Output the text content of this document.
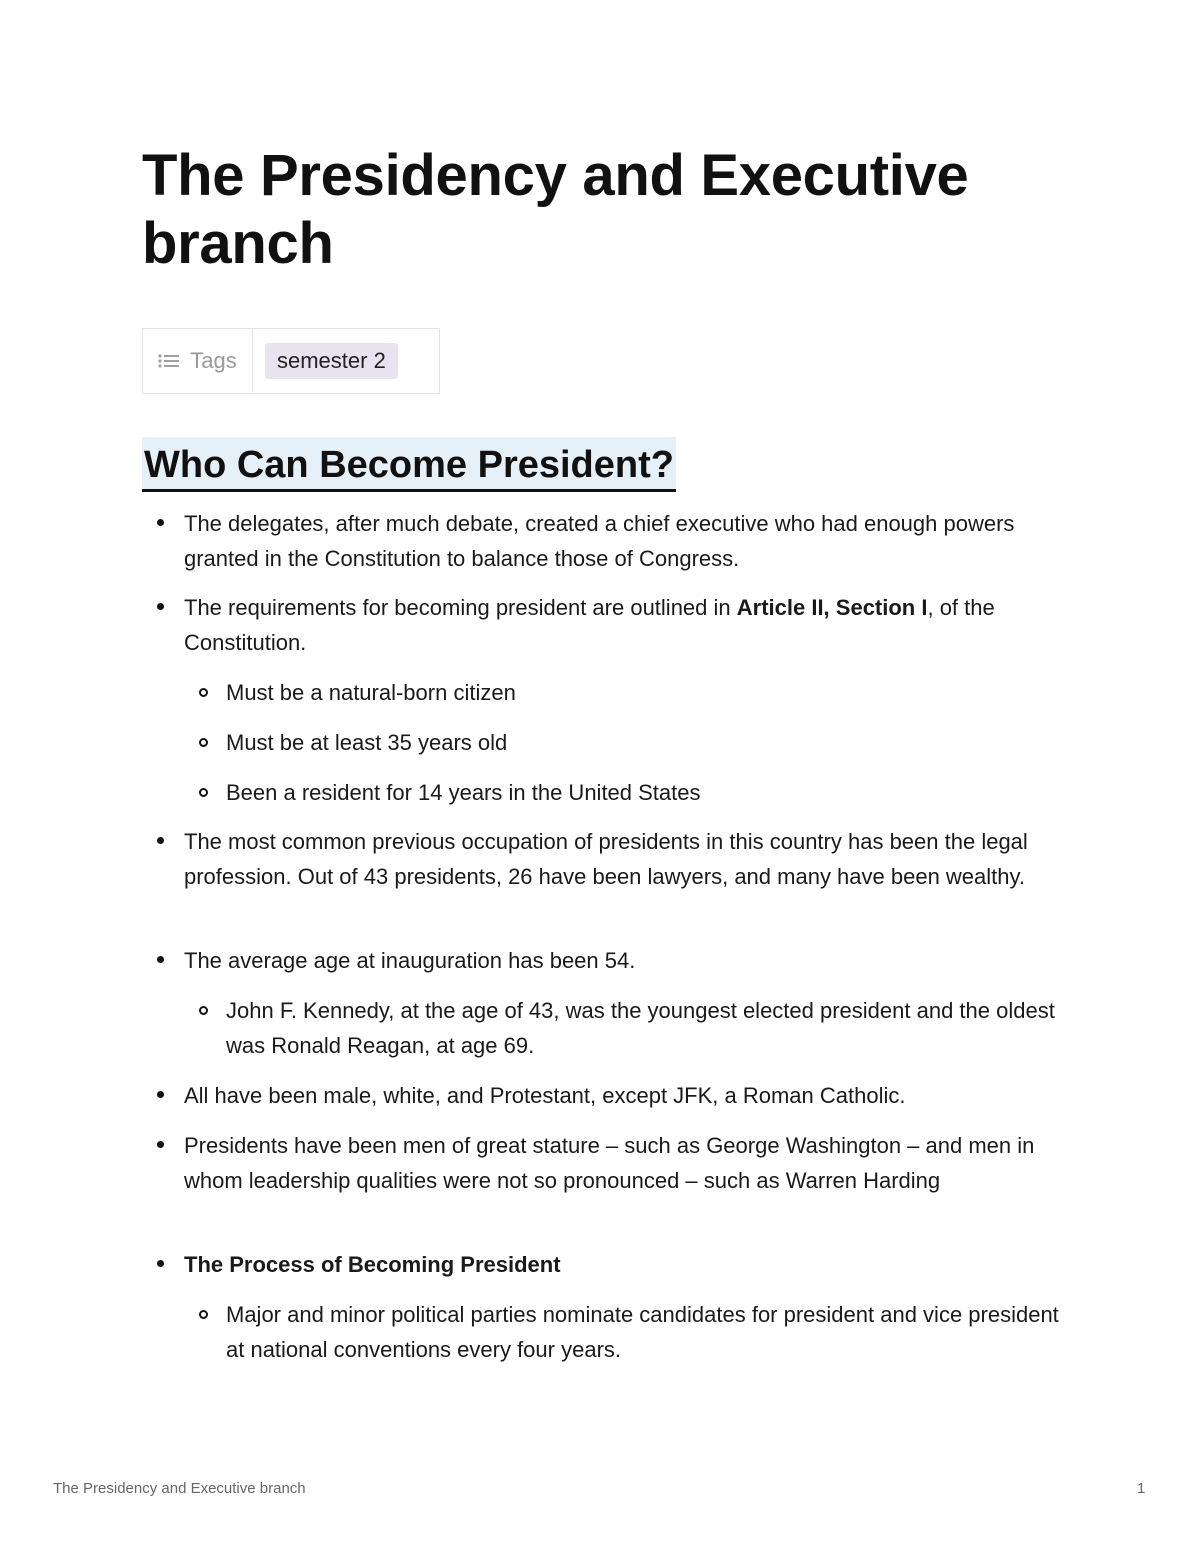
The Presidency and Executive branch
Tags	semester 2
Who Can Become President?
The delegates, after much debate, created a chief executive who had enough powers granted in the Constitution to balance those of Congress.
The requirements for becoming president are outlined in Article II, Section I, of the Constitution.
Must be a natural-born citizen
Must be at least 35 years old
Been a resident for 14 years in the United States
The most common previous occupation of presidents in this country has been the legal profession. Out of 43 presidents, 26 have been lawyers, and many have been wealthy.
The average age at inauguration has been 54.
John F. Kennedy, at the age of 43, was the youngest elected president and the oldest was Ronald Reagan, at age 69.
All have been male, white, and Protestant, except JFK, a Roman Catholic.
Presidents have been men of great stature – such as George Washington – and men in whom leadership qualities were not so pronounced – such as Warren Harding
The Process of Becoming President
Major and minor political parties nominate candidates for president and vice president at national conventions every four years.
The Presidency and Executive branch	1
